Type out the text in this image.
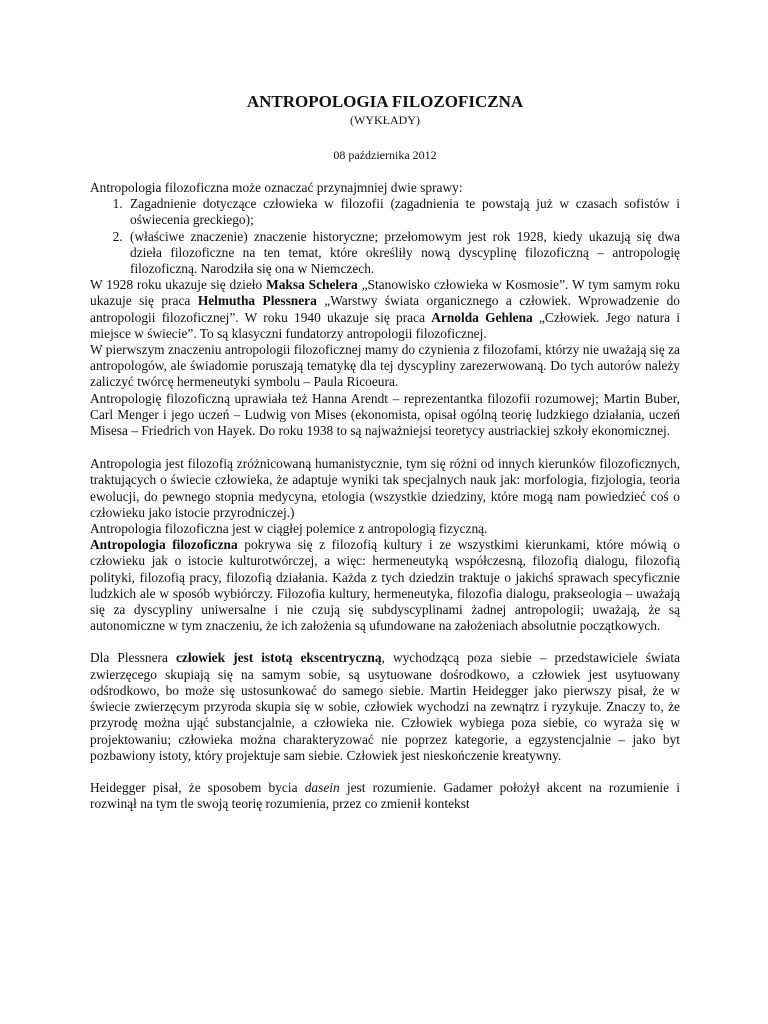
ANTROPOLOGIA FILOZOFICZNA
(WYKŁADY)
08 października 2012

Antropologia filozoficzna może oznaczać przynajmniej dwie sprawy:

1. Zagadnienie dotyczące człowieka w filozofii (zagadnienia te powstają już w czasach sofistów i oświecenia greckiego);
2. (właściwe znaczenie) znaczenie historyczne; przełomowym jest rok 1928, kiedy ukazują się dwa dzieła filozoficzne na ten temat, które określiły nową dyscyplinę filozoficzną – antropologię filozoficzną. Narodziła się ona w Niemczech.

W 1928 roku ukazuje się dzieło Maksa Schelera „Stanowisko człowieka w Kosmosie”. W tym samym roku ukazuje się praca Helmutha Plessnera „Warstwy świata organicznego a człowiek. Wprowadzenie do antropologii filozoficznej”. W roku 1940 ukazuje się praca Arnolda Gehlena „Człowiek. Jego natura i miejsce w świecie”. To są klasyczni fundatorzy antropologii filozoficznej.

W pierwszym znaczeniu antropologii filozoficznej mamy do czynienia z filozofami, którzy nie uważają się za antropologów, ale świadomie poruszają tematykę dla tej dyscypliny zarezerwowaną. Do tych autorów należy zaliczyć twórcę hermeneutyki symbolu – Paula Ricoeura.

Antropologię filozoficzną uprawiała też Hanna Arendt – reprezentantka filozofii rozumowej; Martin Buber, Carl Menger i jego uczeń – Ludwig von Mises (ekonomista, opisał ogólną teorię ludzkiego działania, uczeń Misesa – Friedrich von Hayek. Do roku 1938 to są najważniejsi teoretycy austriackiej szkoły ekonomicznej.

Antropologia jest filozofią zróżnicowaną humanistycznie, tym się różni od innych kierunków filozoficznych, traktujących o świecie człowieka, że adaptuje wyniki tak specjalnych nauk jak: morfologia, fizjologia, teoria ewolucji, do pewnego stopnia medycyna, etologia (wszystkie dziedziny, które mogą nam powiedzieć coś o człowieku jako istocie przyrodniczej.)

Antropologia filozoficzna jest w ciągłej polemice z antropologią fizyczną.

Antropologia filozoficzna pokrywa się z filozofią kultury i ze wszystkimi kierunkami, które mówią o człowieku jak o istocie kulturotwórczej, a więc: hermeneutyką współczesną, filozofią dialogu, filozofią polityki, filozofią pracy, filozofią działania. Każda z tych dziedzin traktuje o jakichś sprawach specyficznie ludzkich ale w sposób wybiórczy. Filozofia kultury, hermeneutyka, filozofia dialogu, prakseologia – uważają się za dyscypliny uniwersalne i nie czują się subdyscyplinami żadnej antropologii; uważają, że są autonomiczne w tym znaczeniu, że ich założenia są ufundowane na założeniach absolutnie początkowych.

Dla Plessnera człowiek jest istotą ekscentryczną, wychodzącą poza siebie – przedstawiciele świata zwierzęcego skupiają się na samym sobie, są usytuowane dośrodkowo, a człowiek jest usytuowany odśrodkowo, bo może się ustosunkować do samego siebie. Martin Heidegger jako pierwszy pisał, że w świecie zwierzęcym przyroda skupia się w sobie, człowiek wychodzi na zewnątrz i ryzykuje. Znaczy to, że przyrodę można ująć substancjalnie, a człowieka nie. Człowiek wybiega poza siebie, co wyraża się w projektowaniu; człowieka można charakteryzować nie poprzez kategorie, a egzystencjalnie – jako byt pozbawiony istoty, który projektuje sam siebie. Człowiek jest nieskończenie kreatywny.

Heidegger pisał, że sposobem bycia dasein jest rozumienie. Gadamer położył akcent na rozumienie i rozwinął na tym tle swoją teorię rozumienia, przez co zmienił kontekst
